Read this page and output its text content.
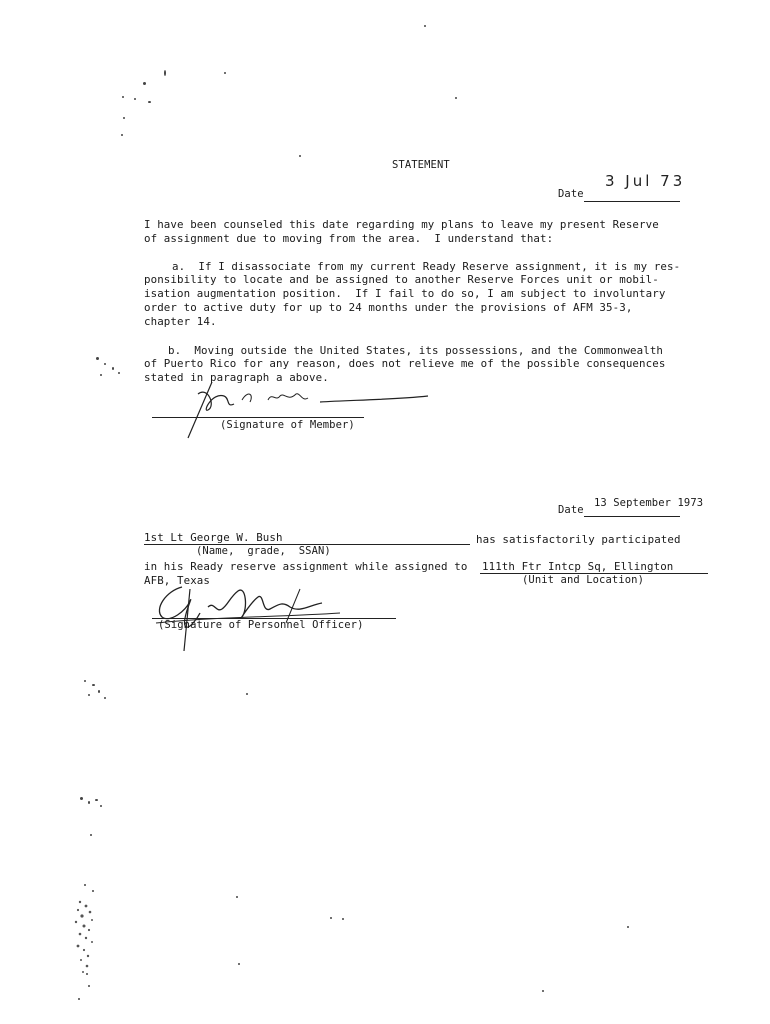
STATEMENT
Date
3 Jul 73
I have been counseled this date regarding my plans to leave my present Reserve
of assignment due to moving from the area.  I understand that:
a.  If I disassociate from my current Ready Reserve assignment, it is my res-
ponsibility to locate and be assigned to another Reserve Forces unit or mobil-
isation augmentation position.  If I fail to do so, I am subject to involuntary
order to active duty for up to 24 months under the provisions of AFM 35-3,
chapter 14.
b.  Moving outside the United States, its possessions, and the Commonwealth
of Puerto Rico for any reason, does not relieve me of the possible consequences
stated in paragraph a above.
(Signature of Member)
Date
13 September 1973
1st Lt George W. Bush	has satisfactorily participated
(Name,  grade,  SSAN)
in his Ready reserve assignment while assigned to 111th Ftr Intcp Sq, Ellington
AFB, Texas	(Unit and Location)
(Signature of Personnel Officer)
